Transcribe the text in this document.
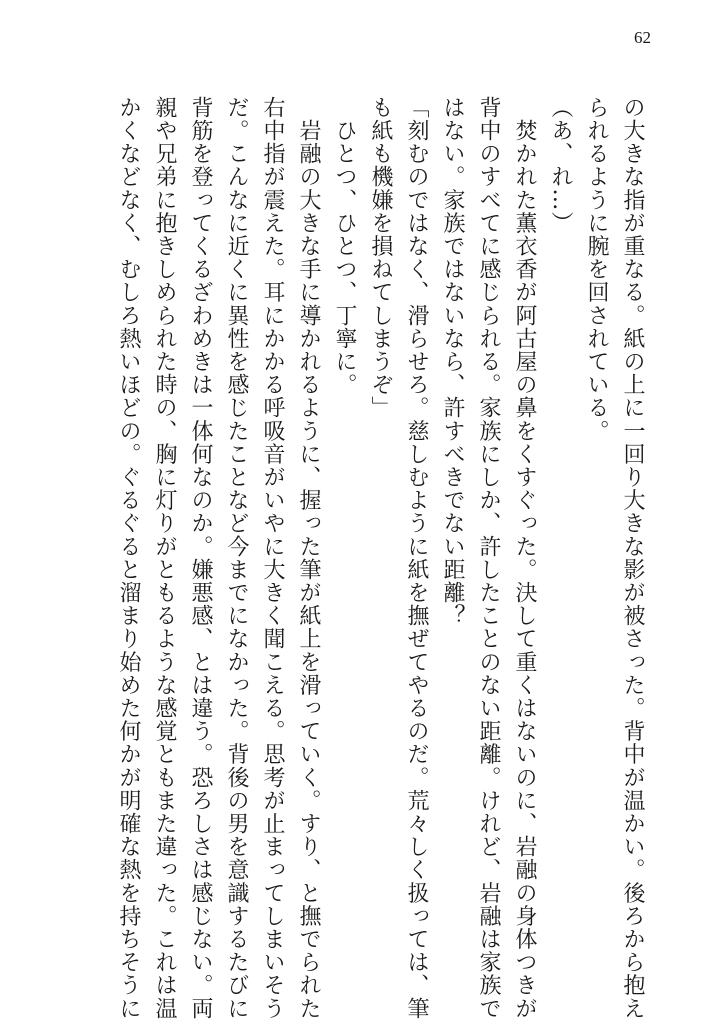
62
の大きな指が重なる。紙の上に一回り大きな影が被さった。背中が温かい。後ろから抱え
られるように腕を回されている。
（あ、れ…）
　焚かれた薫衣香が阿古屋の鼻をくすぐった。決して重くはないのに、岩融の身体つきが
背中のすべてに感じられる。家族にしか、許したことのない距離。けれど、岩融は家族で
はない。家族ではないなら、許すべきでない距離？
「刻むのではなく、滑らせろ。慈しむように紙を撫ぜてやるのだ。荒々しく扱っては、筆
も紙も機嫌を損ねてしまうぞ」
　ひとつ、ひとつ、丁寧に。
　岩融の大きな手に導かれるように、握った筆が紙上を滑っていく。すり、と撫でられた
右中指が震えた。耳にかかる呼吸音がいやに大きく聞こえる。思考が止まってしまいそう
だ。こんなに近くに異性を感じたことなど今までになかった。背後の男を意識するたびに
背筋を登ってくるざわめきは一体何なのか。嫌悪感、とは違う。恐ろしさは感じない。両
親や兄弟に抱きしめられた時の、胸に灯りがともるような感覚ともまた違った。これは温
かくなどなく、むしろ熱いほどの。ぐるぐると溜まり始めた何かが明確な熱を持ちそうに
